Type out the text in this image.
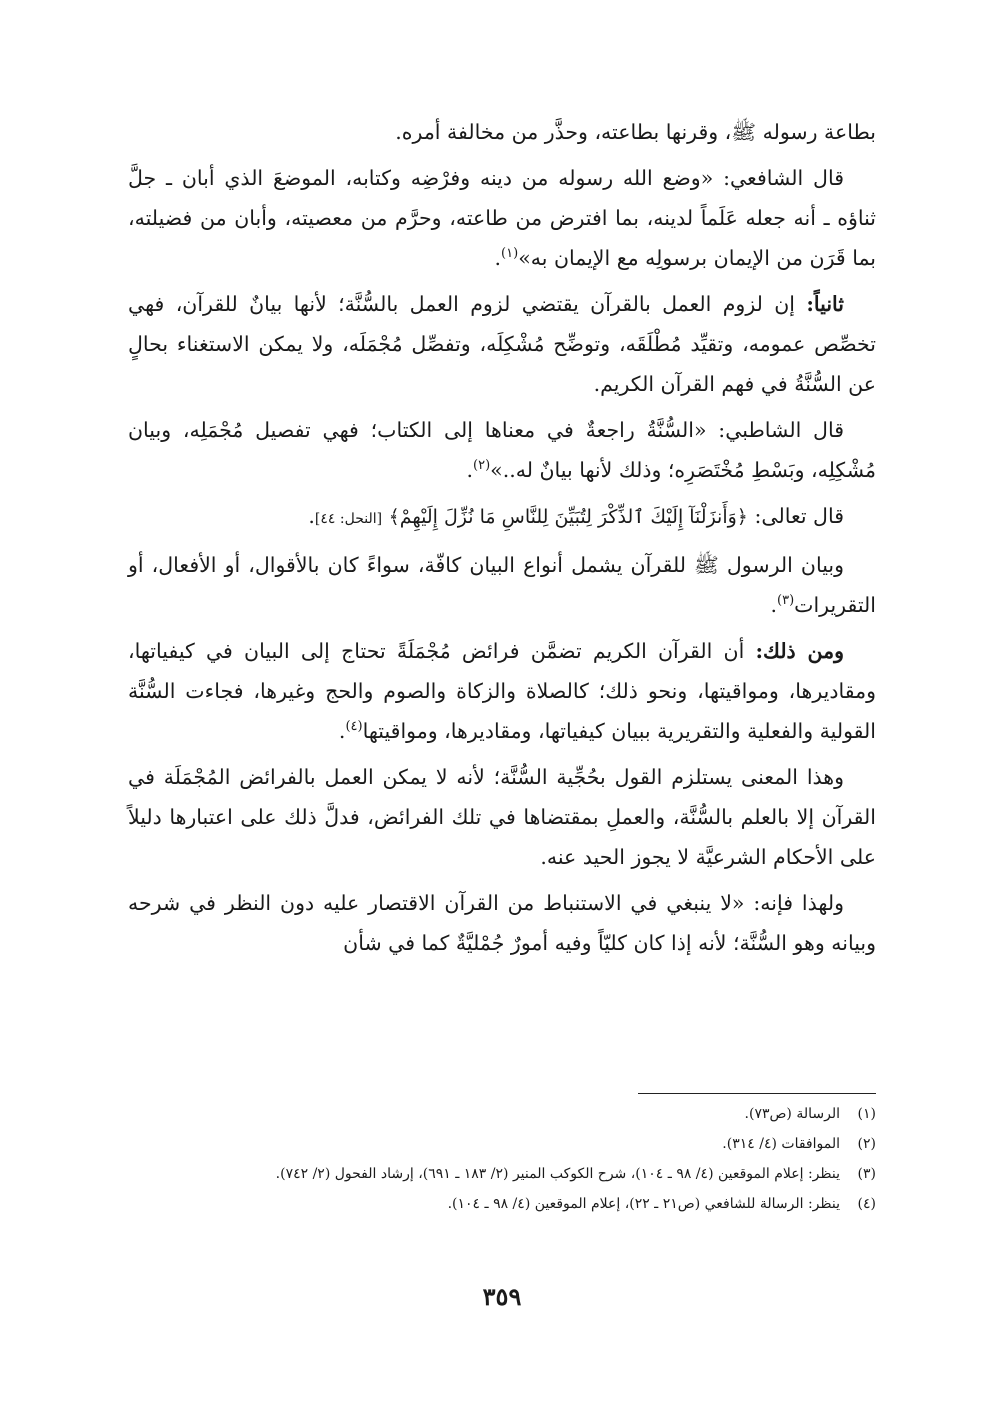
بطاعة رسوله ﷺ، وقرنها بطاعته، وحذَّر من مخالفة أمره.

قال الشافعي: «وضع الله رسوله من دينه وفرْضِه وكتابه، الموضعَ الذي أبان ـ جلَّ ثناؤه ـ أنه جعله عَلَماً لدينه، بما افترض من طاعته، وحرَّم من معصيته، وأبان من فضيلته، بما قَرَن من الإيمان برسولِه مع الإيمان به»$^{(١)}$.

ثانياً: إن لزوم العمل بالقرآن يقتضي لزوم العمل بالسُّنَّة؛ لأنها بيانٌ للقرآن، فهي تخصِّص عمومه، وتقيِّد مُطْلَقَه، وتوضِّح مُشْكِلَه، وتفصِّل مُجْمَلَه، ولا يمكن الاستغناء بحالٍ عن السُّنَّةُ في فهم القرآن الكريم.

قال الشاطبي: «السُّنَّةُ راجعةٌ في معناها إلى الكتاب؛ فهي تفصيل مُجْمَلِه، وبيان مُشْكِلِه، وبَسْطِ مُخْتَصَرِه؛ وذلك لأنها بيانٌ له..»$^{(٢)}$.

قال تعالى: ﴿وَأَنزَلْنَآ إِلَيْكَ ٱلذِّكْرَ لِتُبَيِّنَ لِلنَّاسِ مَا نُزِّلَ إِلَيْهِمْ﴾ [النحل: ٤٤].

وبيان الرسول ﷺ للقرآن يشمل أنواع البيان كافّة، سواءً كان بالأقوال، أو الأفعال، أو التقريرات$^{(٣)}$.

ومن ذلك: أن القرآن الكريم تضمَّن فرائض مُجْمَلَةً تحتاج إلى البيان في كيفياتها، ومقاديرها، ومواقيتها، ونحو ذلك؛ كالصلاة والزكاة والصوم والحج وغيرها، فجاءت السُّنَّة القولية والفعلية والتقريرية ببيان كيفياتها، ومقاديرها، ومواقيتها$^{(٤)}$.

وهذا المعنى يستلزم القول بحُجِّية السُّنَّة؛ لأنه لا يمكن العمل بالفرائض المُجْمَلَة في القرآن إلا بالعلم بالسُّنَّة، والعملِ بمقتضاها في تلك الفرائض، فدلَّ ذلك على اعتبارها دليلاً على الأحكام الشرعيَّة لا يجوز الحيد عنه.

ولهذا فإنه: «لا ينبغي في الاستنباط من القرآن الاقتصار عليه دون النظر في شرحه وبيانه وهو السُّنَّة؛ لأنه إذا كان كليّاً وفيه أمورٌ جُمْليَّةٌ كما في شأن

(١)
الرسالة (ص٧٣).
(٢)
الموافقات (٤/ ٣١٤).
(٣)
ينظر: إعلام الموقعين (٤/ ٩٨ ـ ١٠٤)، شرح الكوكب المنير (٢/ ١٨٣ ـ ٦٩١)، إرشاد الفحول (٢/ ٧٤٢).
(٤)
ينظر: الرسالة للشافعي (ص٢١ ـ ٢٢)، إعلام الموقعين (٤/ ٩٨ ـ ١٠٤).
٣٥٩
